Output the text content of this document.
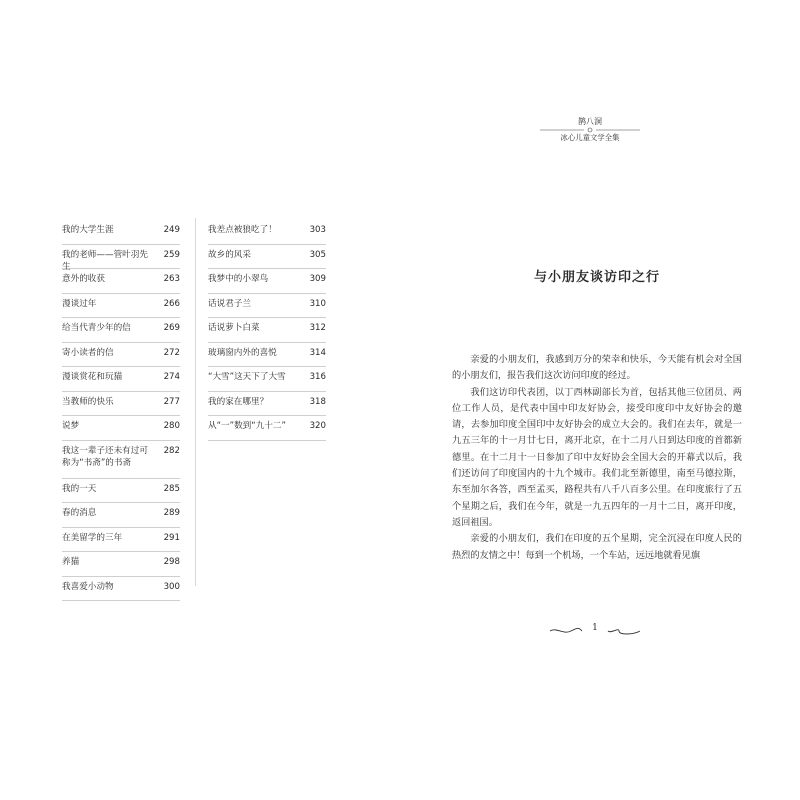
我的大学生涯	249
我的老师——管叶羽先生
259
意外的收获	263
漫谈过年	266
给当代青少年的信	269
寄小读者的信	272
漫谈赏花和玩猫	274
当教师的快乐	277
说梦	280
我这一辈子还未有过可
称为“书斋”的书斋
282
我的一天	285
春的消息	289
在美留学的三年	291
养猫	298
我喜爱小动物	300
我差点被狼吃了！	303
故乡的风采	305
我梦中的小翠鸟	309
话说君子兰	310
话说萝卜白菜	312
玻璃窗内外的喜悦	314
“大雪”这天下了大雪	316
我的家在哪里？	318
从“一”数到“九十二”	320
鹊八洞
冰心儿童文学全集
与小朋友谈访印之行

亲爱的小朋友们，我感到万分的荣幸和快乐，今天能有机会对全国的小朋友们，报告我们这次访问印度的经过。

我们这访印代表团，以丁西林副部长为首，包括其他三位团员、两位工作人员，是代表中国中印友好协会，接受印度印中友好协会的邀请，去参加印度全国印中友好协会的成立大会的。我们在去年，就是一九五三年的十一月廿七日，离开北京，在十二月八日到达印度的首都新德里。在十二月十一日参加了印中友好协会全国大会的开幕式以后，我们还访问了印度国内的十九个城市。我们北至新德里，南至马德拉斯，东至加尔各答，西至孟买，路程共有八千八百多公里。在印度旅行了五个星期之后，我们在今年，就是一九五四年的一月十二日，离开印度，返回祖国。

亲爱的小朋友们，我们在印度的五个星期，完全沉浸在印度人民的热烈的友情之中！每到一个机场，一个车站，远远地就看见旗

1
